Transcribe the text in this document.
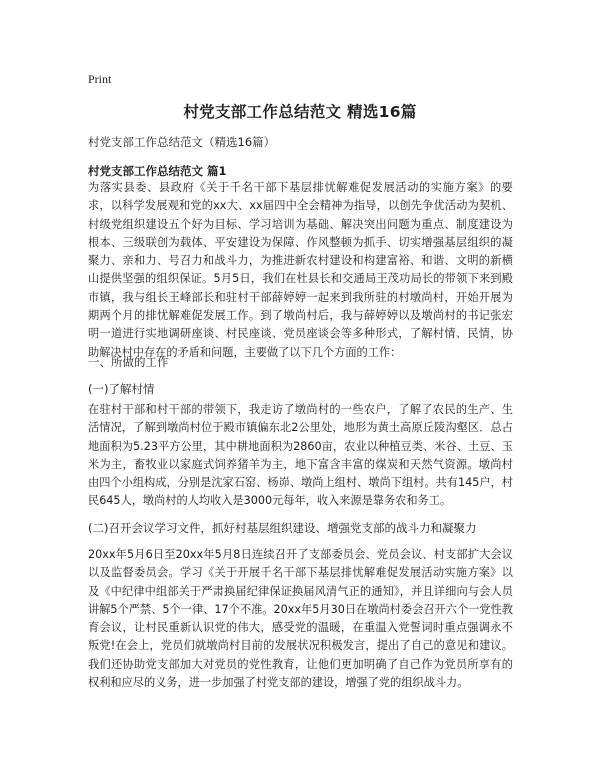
Print
村党支部工作总结范文 精选16篇
村党支部工作总结范文（精选16篇）
村党支部工作总结范文 篇1

为落实县委、县政府《关于千名干部下基层排忧解难促发展活动的实施方案》的要求，以科学发展观和党的xx大、xx届四中全会精神为指导，以创先争优活动为契机、村级党组织建设五个好为目标、学习培训为基础、解决突出问题为重点、制度建设为根本、三级联创为载体、平安建设为保障、作风整顿为抓手、切实增强基层组织的凝聚力、亲和力、号召力和战斗力，为推进新农村建设和构建富裕、和谐、文明的新横山提供坚强的组织保证。5月5日，我们在杜县长和交通局王茂功局长的带领下来到殿市镇，我与组长王峰部长和驻村干部薛婷婷一起来到我所驻的村墩尚村，开始开展为期两个月的排忧解难促发展工作。到了墩尚村后，我与薛婷婷以及墩尚村的书记张宏明一道进行实地调研座谈、村民座谈、党员座谈会等多种形式，了解村情、民情，协助解决村中存在的矛盾和问题，主要做了以下几个方面的工作：

一、所做的工作
(一)了解村情

在驻村干部和村干部的带领下，我走访了墩尚村的一些农户，了解了农民的生产、生活情况，了解到墩尚村位于殿市镇偏东北2公里处，地形为黄土高原丘陵沟壑区．总占地面积为5.23平方公里，其中耕地面积为2860亩，农业以种植豆类、米谷、土豆、玉米为主，畜牧业以家庭式饲养猪羊为主，地下富含丰富的煤炭和天然气资源。墩尚村由四个小组构成，分别是沈家石窑、杨峁、墩尚上组村、墩尚下组村。共有145户，村民645人，墩尚村的人均收入是3000元每年，收入来源是靠务农和务工。

(二)召开会议学习文件，抓好村基层组织建设、增强党支部的战斗力和凝聚力

20xx年5月6日至20xx年5月8日连续召开了支部委员会、党员会议、村支部扩大会议以及监督委员会。学习《关于开展千名干部下基层排忧解难促发展活动实施方案》以及《中纪律中组部关于严肃换届纪律保证换届风清气正的通知》，并且详细向与会人员讲解5个严禁、5个一律、17个不准。20xx年5月30日在墩尚村委会召开六个一党性教育会议，让村民重新认识党的伟大，感受党的温暖，在重温入党誓词时重点强调永不叛党!在会上，党员们就墩尚村目前的发展状况积极发言，提出了自己的意见和建议。我们还协助党支部加大对党员的党性教育，让他们更加明确了自己作为党员所享有的权利和应尽的义务，进一步加强了村党支部的建设，增强了党的组织战斗力。
